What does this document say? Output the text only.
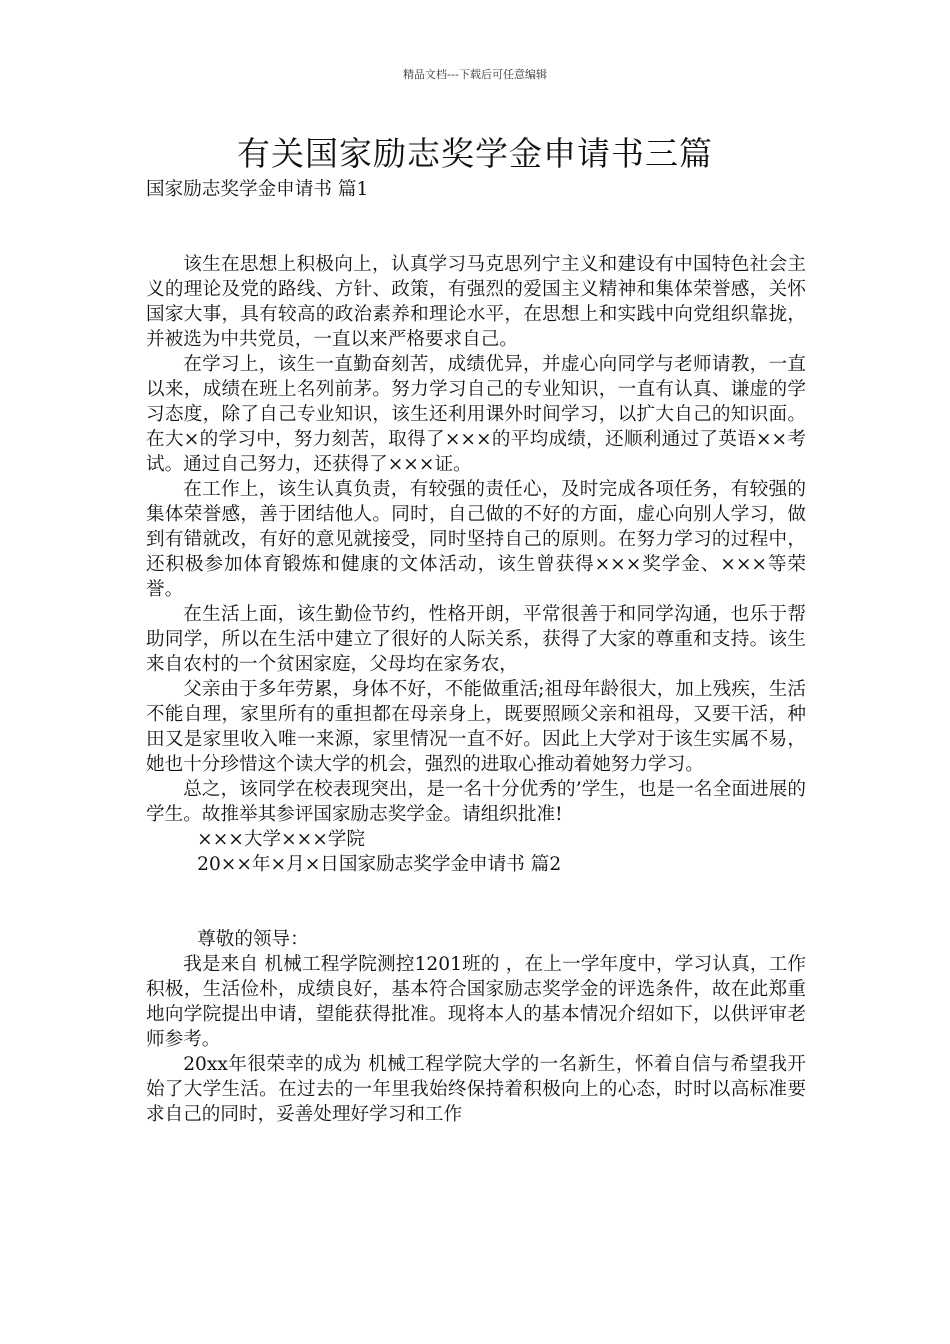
精品文档---下载后可任意编辑
有关国家励志奖学金申请书三篇

国家励志奖学金申请书 篇1

该生在思想上积极向上，认真学习马克思列宁主义和建设有中国特色社会主义的理论及党的路线、方针、政策，有强烈的爱国主义精神和集体荣誉感，关怀国家大事，具有较高的政治素养和理论水平，在思想上和实践中向党组织靠拢，并被选为中共党员，一直以来严格要求自己。

在学习上，该生一直勤奋刻苦，成绩优异，并虚心向同学与老师请教，一直以来，成绩在班上名列前茅。努力学习自己的专业知识，一直有认真、谦虚的学习态度，除了自己专业知识，该生还利用课外时间学习，以扩大自己的知识面。在大×的学习中，努力刻苦，取得了×××的平均成绩，还顺利通过了英语××考试。通过自己努力，还获得了×××证。

在工作上，该生认真负责，有较强的责任心，及时完成各项任务，有较强的集体荣誉感，善于团结他人。同时，自己做的不好的方面，虚心向别人学习，做到有错就改，有好的意见就接受，同时坚持自己的原则。在努力学习的过程中，还积极参加体育锻炼和健康的文体活动，该生曾获得×××奖学金、×××等荣誉。

在生活上面，该生勤俭节约，性格开朗，平常很善于和同学沟通，也乐于帮助同学，所以在生活中建立了很好的人际关系，获得了大家的尊重和支持。该生来自农村的一个贫困家庭，父母均在家务农，

父亲由于多年劳累，身体不好，不能做重活;祖母年龄很大，加上残疾，生活不能自理，家里所有的重担都在母亲身上，既要照顾父亲和祖母，又要干活，种田又是家里收入唯一来源，家里情况一直不好。因此上大学对于该生实属不易，她也十分珍惜这个读大学的机会，强烈的进取心推动着她努力学习。

总之，该同学在校表现突出，是一名十分优秀的’学生，也是一名全面进展的学生。故推举其参评国家励志奖学金。请组织批准!

×××大学×××学院

20××年×月×日国家励志奖学金申请书 篇2

尊敬的领导：

我是来自 机械工程学院测控1201班的 ，在上一学年度中，学习认真，工作积极，生活俭朴，成绩良好，基本符合国家励志奖学金的评选条件，故在此郑重地向学院提出申请，望能获得批准。现将本人的基本情况介绍如下，以供评审老师参考。

20xx年很荣幸的成为 机械工程学院大学的一名新生，怀着自信与希望我开始了大学生活。在过去的一年里我始终保持着积极向上的心态，时时以高标准要求自己的同时，妥善处理好学习和工作
